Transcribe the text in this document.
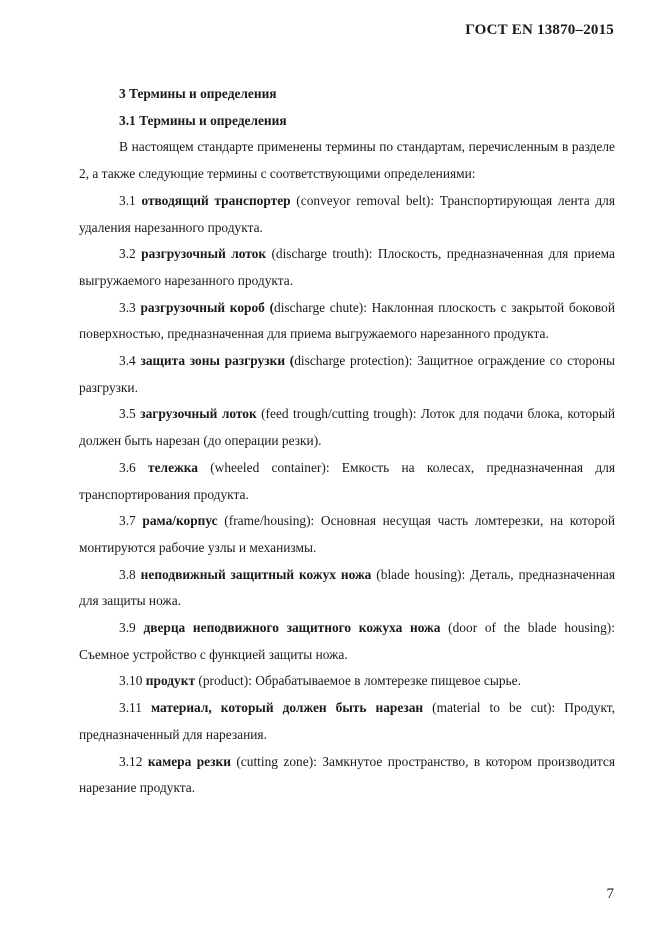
ГОСТ EN 13870–2015

3 Термины и определения

3.1 Термины и определения

В настоящем стандарте применены термины по стандартам, перечисленным в разделе 2, а также следующие термины с соответствующими определениями:

3.1 отводящий транспортер (conveyor removal belt): Транспортирующая лента для удаления нарезанного продукта.

3.2 разгрузочный лоток (discharge trouth): Плоскость, предназначенная для приема выгружаемого нарезанного продукта.

3.3 разгрузочный короб (discharge chute): Наклонная плоскость с закрытой боковой поверхностью, предназначенная для приема выгружаемого нарезанного продукта.

3.4 защита зоны разгрузки (discharge protection): Защитное ограждение со стороны разгрузки.

3.5 загрузочный лоток (feed trough/cutting trough): Лоток для подачи блока, который должен быть нарезан (до операции резки).

3.6 тележка (wheeled container): Емкость на колесах, предназначенная для транспортирования продукта.

3.7 рама/корпус (frame/housing): Основная несущая часть ломтерезки, на которой монтируются рабочие узлы и механизмы.

3.8 неподвижный защитный кожух ножа (blade housing): Деталь, предназначенная для защиты ножа.

3.9 дверца неподвижного защитного кожуха ножа (door of the blade housing): Съемное устройство с функцией защиты ножа.

3.10 продукт (product): Обрабатываемое в ломтерезке пищевое сырье.

3.11 материал, который должен быть нарезан (material to be cut): Продукт, предназначенный для нарезания.

3.12 камера резки (cutting zone): Замкнутое пространство, в котором производится нарезание продукта.

7
